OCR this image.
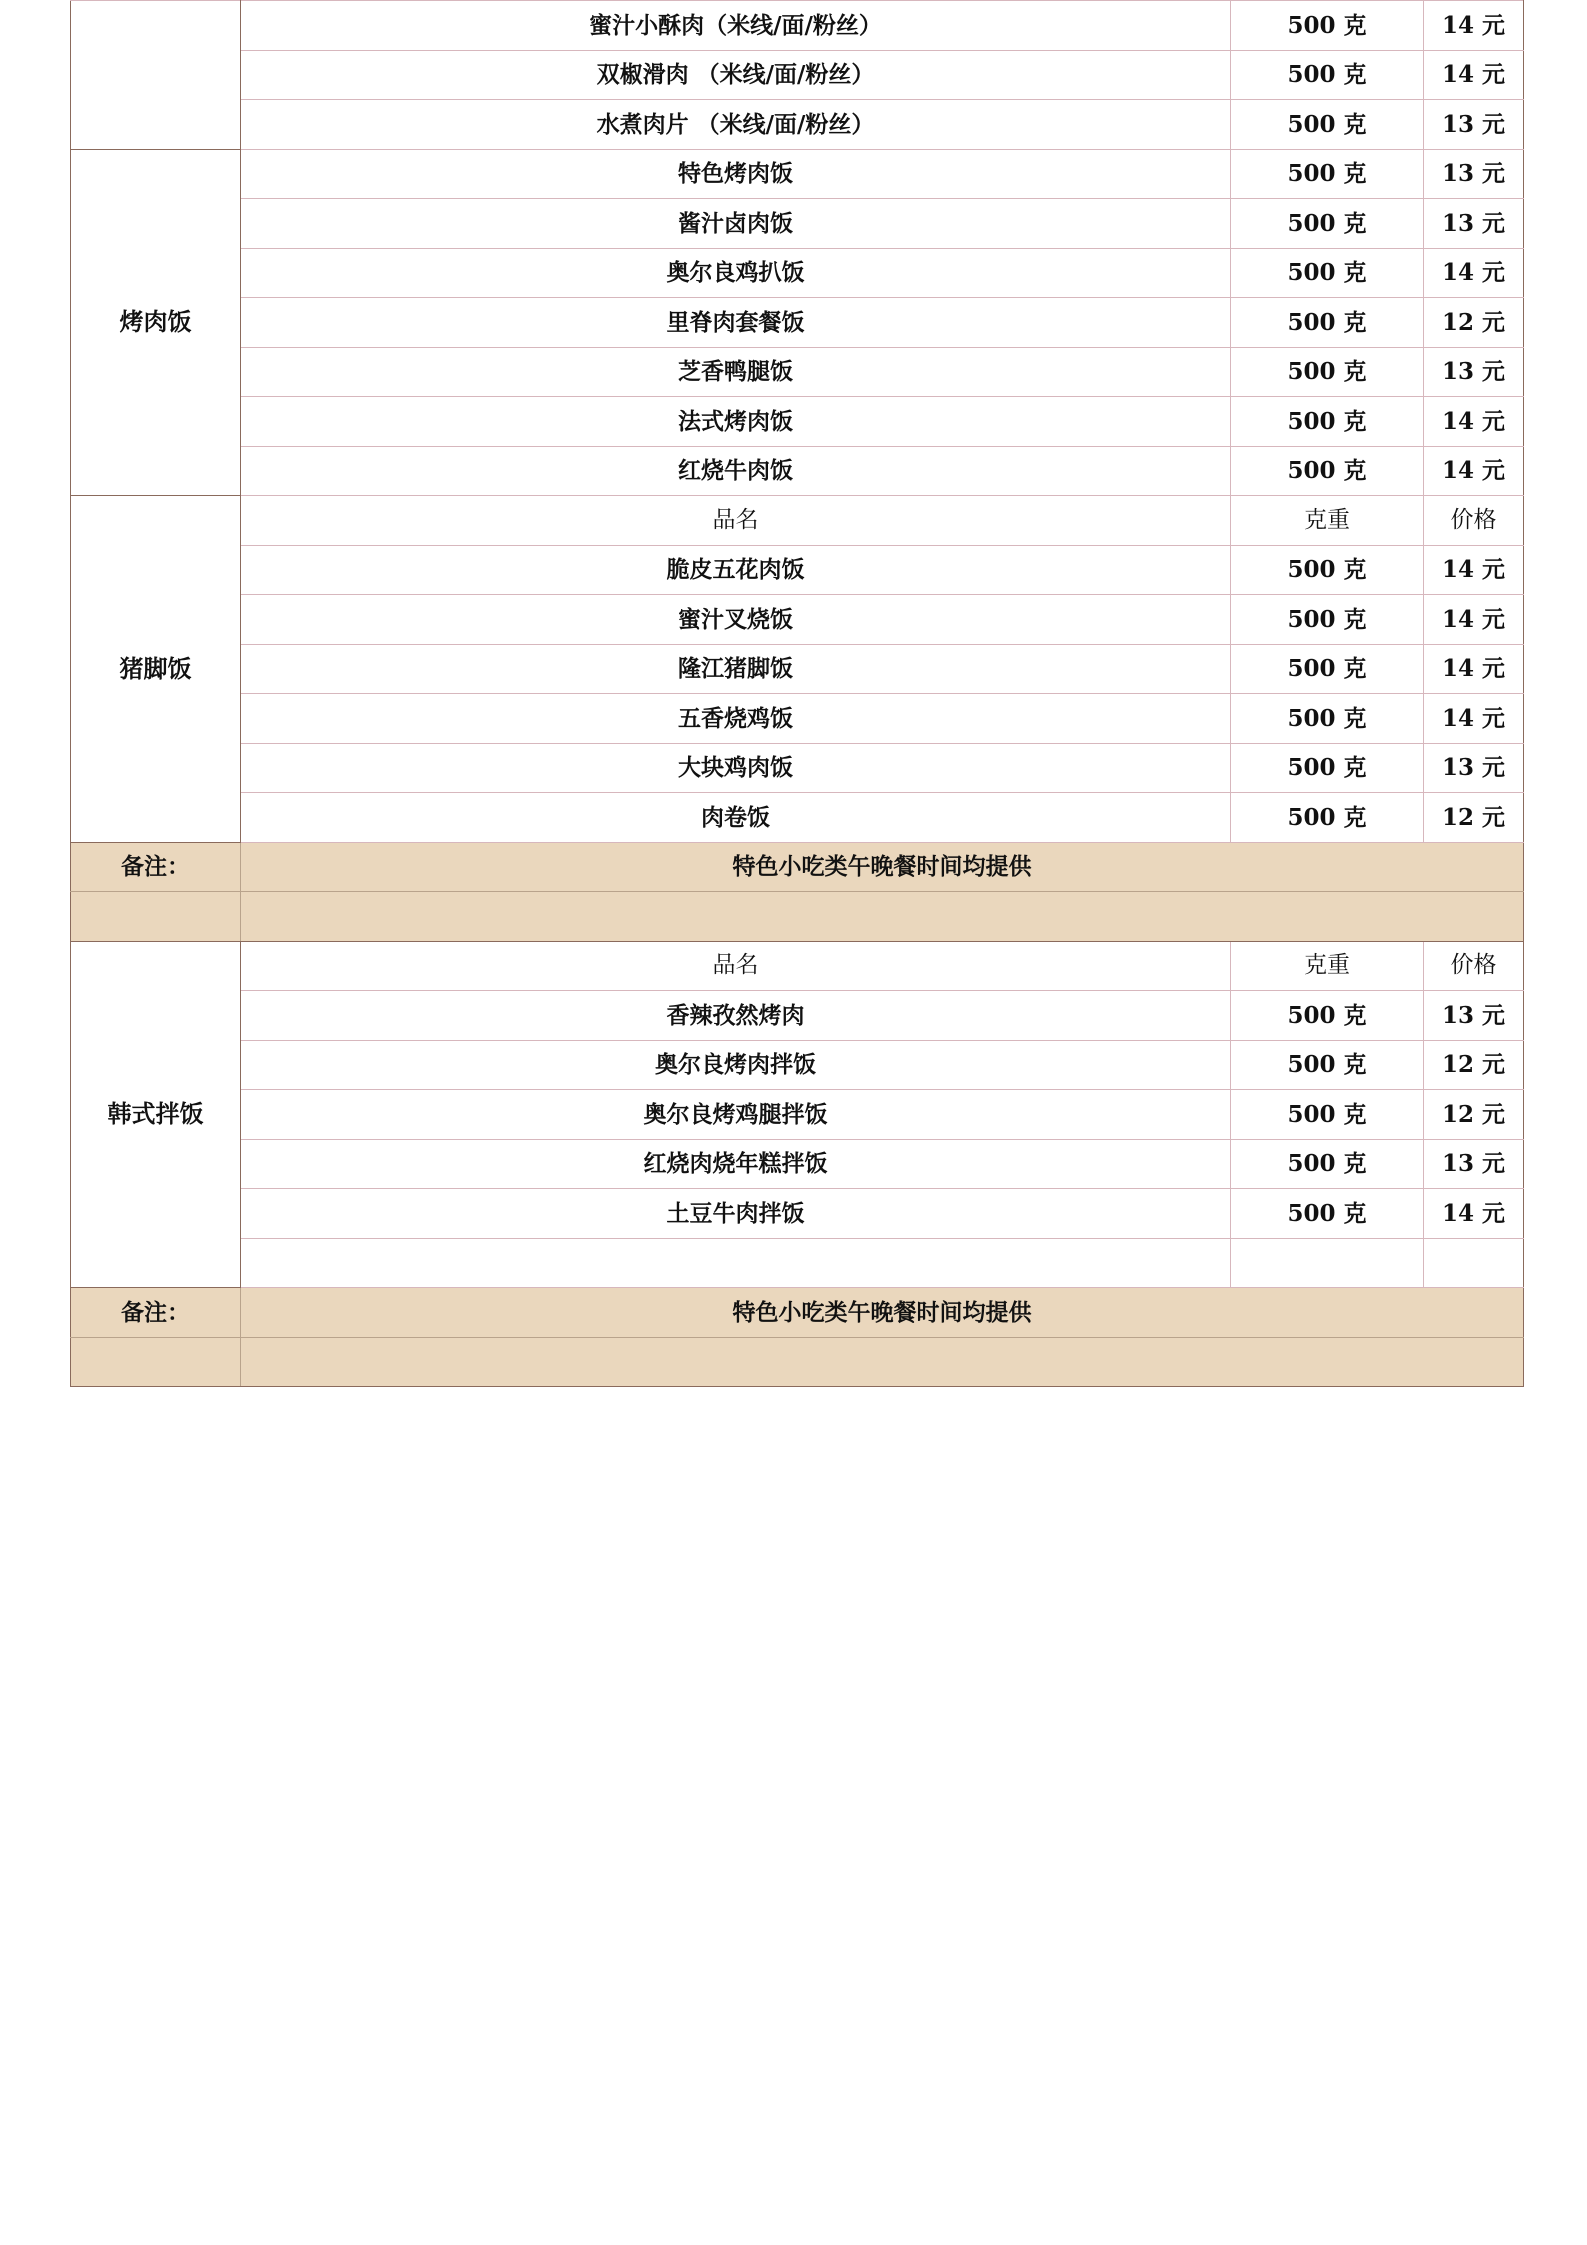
	蜜汁小酥肉（米线/面/粉丝）	500 克	14 元
	双椒滑肉 （米线/面/粉丝）	500 克	14 元
	水煮肉片 （米线/面/粉丝）	500 克	13 元
烤肉饭	特色烤肉饭	500 克	13 元
	酱汁卤肉饭	500 克	13 元
	奥尔良鸡扒饭	500 克	14 元
	里脊肉套餐饭	500 克	12 元
	芝香鸭腿饭	500 克	13 元
	法式烤肉饭	500 克	14 元
	红烧牛肉饭	500 克	14 元
猪脚饭	品名	克重	价格
	脆皮五花肉饭	500 克	14 元
	蜜汁叉烧饭	500 克	14 元
	隆江猪脚饭	500 克	14 元
	五香烧鸡饭	500 克	14 元
	大块鸡肉饭	500 克	13 元
	肉卷饭	500 克	12 元
备注：	特色小吃类午晚餐时间均提供		

韩式拌饭	品名	克重	价格
	香辣孜然烤肉	500 克	13 元
	奥尔良烤肉拌饭	500 克	12 元
	奥尔良烤鸡腿拌饭	500 克	12 元
	红烧肉烧年糕拌饭	500 克	13 元
	土豆牛肉拌饭	500 克	14 元

备注：	特色小吃类午晚餐时间均提供		
